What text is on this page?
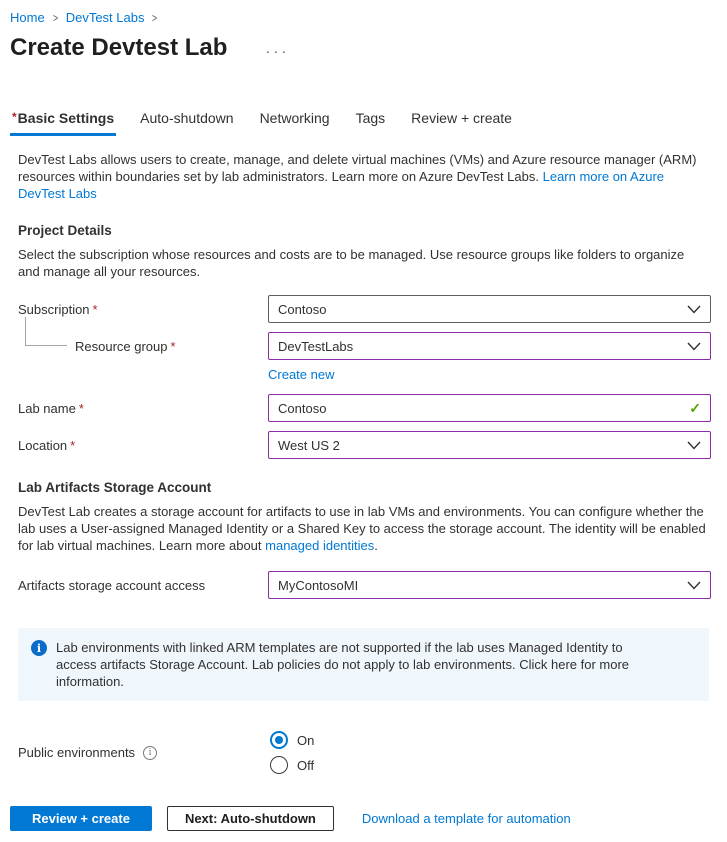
Home > DevTest Labs >
Create Devtest Lab	···
*Basic Settings Auto-shutdown Networking Tags Review + create
DevTest Labs allows users to create, manage, and delete virtual machines (VMs) and Azure resource manager (ARM) resources within boundaries set by lab administrators. Learn more on Azure DevTest Labs. Learn more on Azure DevTest Labs
Project Details
Select the subscription whose resources and costs are to be managed. Use resource groups like folders to organize and manage all your resources.
Subscription *	Contoso
Resource group *	DevTestLabs
Create new
Lab name *	Contoso	✓
Location *	West US 2
Lab Artifacts Storage Account
DevTest Lab creates a storage account for artifacts to use in lab VMs and environments. You can configure whether the lab uses a User-assigned Managed Identity or a Shared Key to access the storage account. The identity will be enabled for lab virtual machines. Learn more about managed identities.
Artifacts storage account access	MyContosoMI
i	Lab environments with linked ARM templates are not supported if the lab uses Managed Identity to access artifacts Storage Account. Lab policies do not apply to lab environments. Click here for more information.
Public environments	i
On
Off
Review + create	Next: Auto-shutdown	Download a template for automation
